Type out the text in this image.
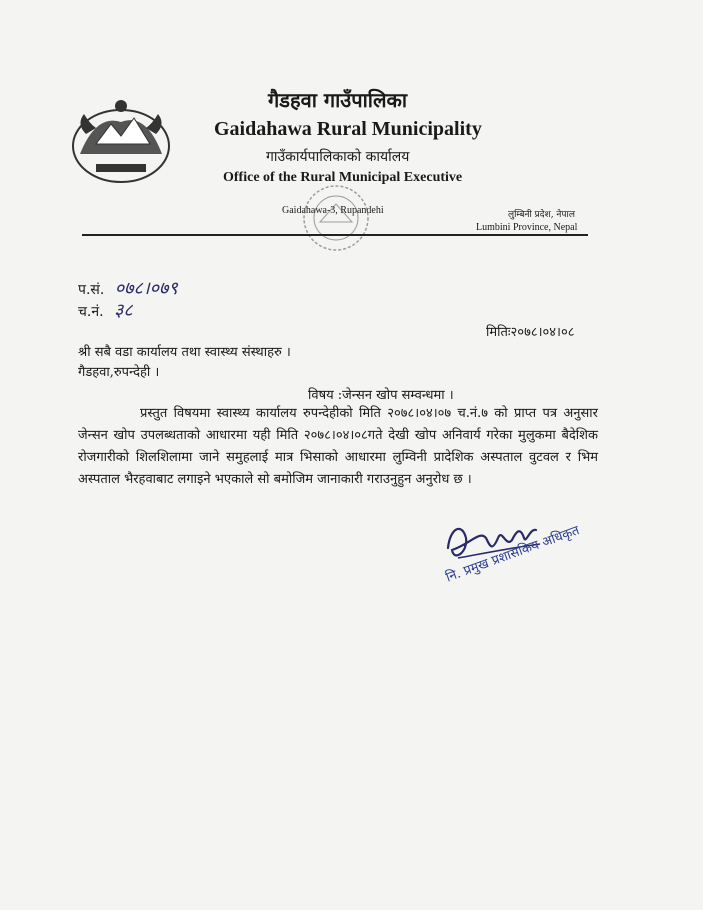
गैडहवा गाउँपालिका
Gaidahawa Rural Municipality
गाउँकार्यपालिकाको कार्यालय
Office of the Rural Municipal Executive
Gaidahawa-3, Rupandehi	लुम्बिनी प्रदेश, नेपाल
Lumbini Province, Nepal
प.सं. ०७८।०७९
च.नं. ३८
मितिः२०७८।०४।०८
श्री सबै वडा कार्यालय तथा स्वास्थ्य संस्थाहरु ।
गैडहवा,रुपन्देही ।
विषय :जेन्सन खोप सम्वन्धमा ।

प्रस्तुत विषयमा स्वास्थ्य कार्यालय रुपन्देहीको मिति २०७८।०४।०७ च.नं.७ को प्राप्त पत्र अनुसार जेन्सन खोप उपलब्धताको आधारमा यही मिति २०७८।०४।०८गते देखी खोप अनिवार्य गरेका मुलुकमा बैदेशिक रोजगारीको शिलशिलामा जाने समुहलाई मात्र भिसाको आधारमा लुम्विनी प्रादेशिक अस्पताल वुटवल र भिम अस्पताल भैरहवाबाट लगाइने भएकाले सो बमोजिम जानाकारी गराउनुहुन अनुरोध छ ।

नि. प्रमुख प्रशासकिय अधिकृत
